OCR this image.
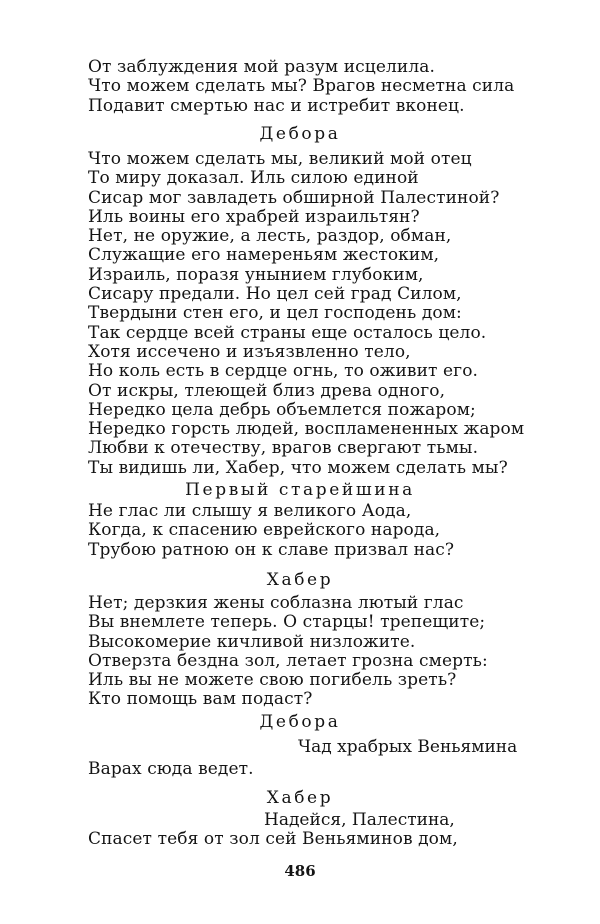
От заблуждения мой разум исцелила.
Что можем сделать мы? Врагов несметна сила
Подавит смертью нас и истребит вконец.
Дебора
Что можем сделать мы, великий мой отец
То миру доказал. Иль силою единой
Сисар мог завладеть обширной Палестиной?
Иль воины его храбрей израильтян?
Нет, не оружие, а лесть, раздор, обман,
Служащие его намереньям жестоким,
Израиль, поразя унынием глубоким,
Сисару предали. Но цел сей град Силом,
Твердыни стен его, и цел господень дом:
Так сердце всей страны еще осталось цело.
Хотя иссечено и изъязвленно тело,
Но коль есть в сердце огнь, то оживит его.
От искры, тлеющей близ древа одного,
Нередко цела дебрь объемлется пожаром;
Нередко горсть людей, воспламененных жаром
Любви к отечеству, врагов свергают тьмы.
Ты видишь ли, Хабер, что можем сделать мы?
Первый старейшина
Не глас ли слышу я великого Аода,
Когда, к спасению еврейского народа,
Трубою ратною он к славе призвал нас?
Хабер
Нет; дерзкия жены соблазна лютый глас
Вы внемлете теперь. О старцы! трепещите;
Высокомерие кичливой низложите.
Отверзта бездна зол, летает грозна смерть:
Иль вы не можете свою погибель зреть?
Кто помощь вам подаст?
Дебора
Чад храбрых Веньямина
Варах сюда ведет.
Хабер
Надейся, Палестина,
Спасет тебя от зол сей Веньяминов дом,
486
